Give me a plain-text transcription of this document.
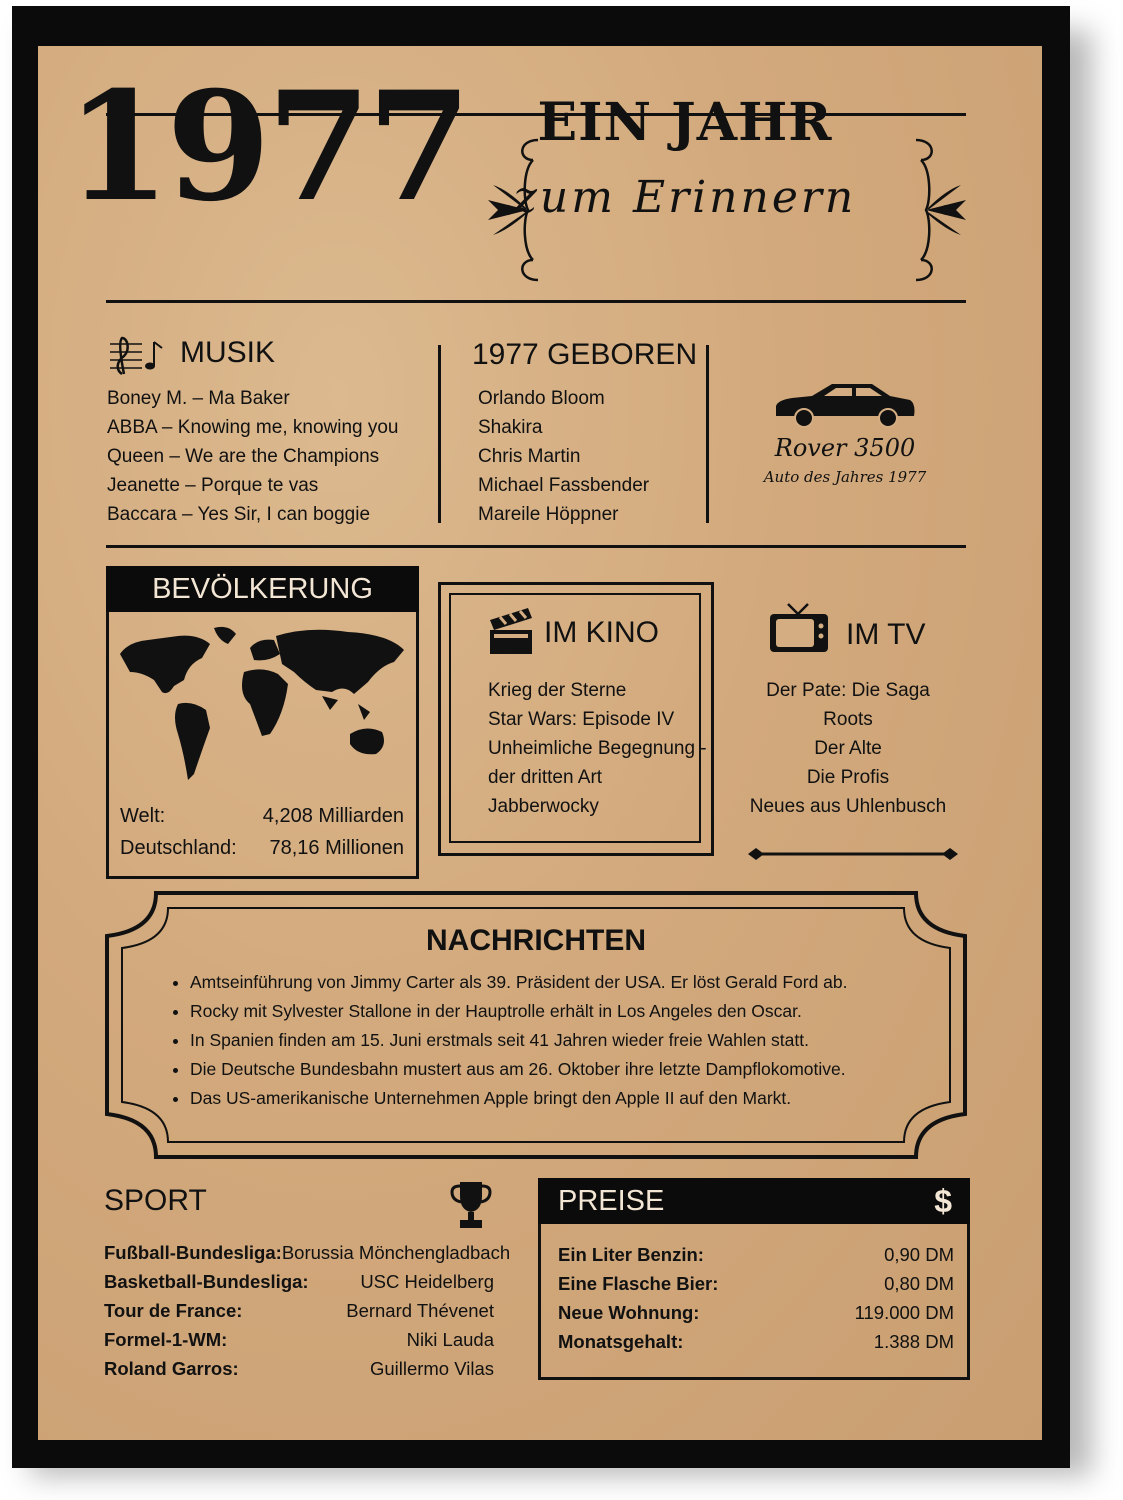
1977	EIN JAHR
zum Erinnern
MUSIK
Boney M. – Ma Baker
ABBA – Knowing me, knowing you
Queen – We are the Champions
Jeanette – Porque te vas
Baccara – Yes Sir, I can boggie
1977 GEBOREN
Orlando Bloom
Shakira
Chris Martin
Michael Fassbender
Mareile Höppner
Rover 3500
Auto des Jahres 1977
BEVÖLKERUNG
Welt:	4,208 Milliarden
Deutschland: 78,16 Millionen
IM KINO
Krieg der Sterne
Star Wars: Episode IV
Unheimliche Begegnung -
der dritten Art
Jabberwocky
IM TV
Der Pate: Die Saga
Roots
Der Alte
Die Profis
Neues aus Uhlenbusch
NACHRICHTEN
• Amtseinführung von Jimmy Carter als 39. Präsident der USA. Er löst Gerald Ford ab.
• Rocky mit Sylvester Stallone in der Hauptrolle erhält in Los Angeles den Oscar.
• In Spanien finden am 15. Juni erstmals seit 41 Jahren wieder freie Wahlen statt.
• Die Deutsche Bundesbahn mustert aus am 26. Oktober ihre letzte Dampflokomotive.
• Das US-amerikanische Unternehmen Apple bringt den Apple II auf den Markt.
SPORT
Fußball-Bundesliga: Borussia Mönchengladbach
Basketball-Bundesliga:	USC Heidelberg
Tour de France:	Bernard Thévenet
Formel-1-WM:	Niki Lauda
Roland Garros:	Guillermo Vilas
PREISE	$
Ein Liter Benzin:	0,90 DM
Eine Flasche Bier:	0,80 DM
Neue Wohnung:	119.000 DM
Monatsgehalt:	1.388 DM
